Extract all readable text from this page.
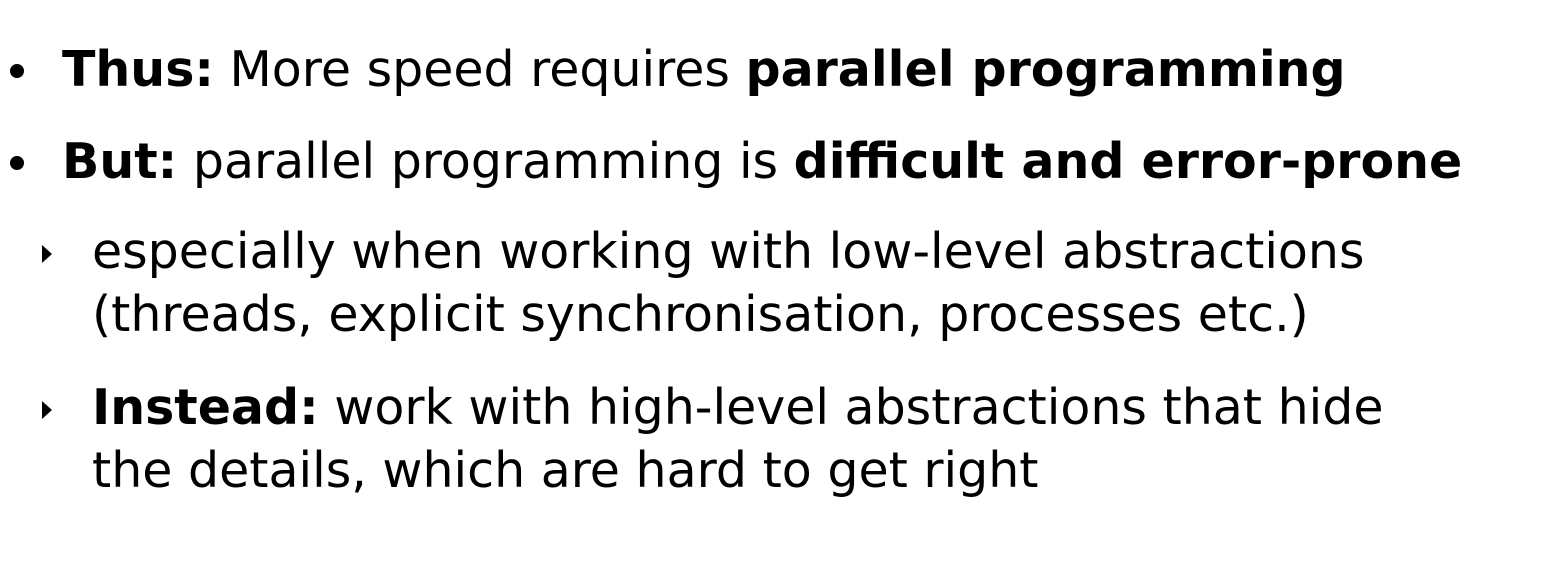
Thus: More speed requires parallel programming
But: parallel programming is difficult and error-prone
especially when working with low-level abstractions
(threads, explicit synchronisation, processes etc.)
Instead: work with high-level abstractions that hide
the details, which are hard to get right
